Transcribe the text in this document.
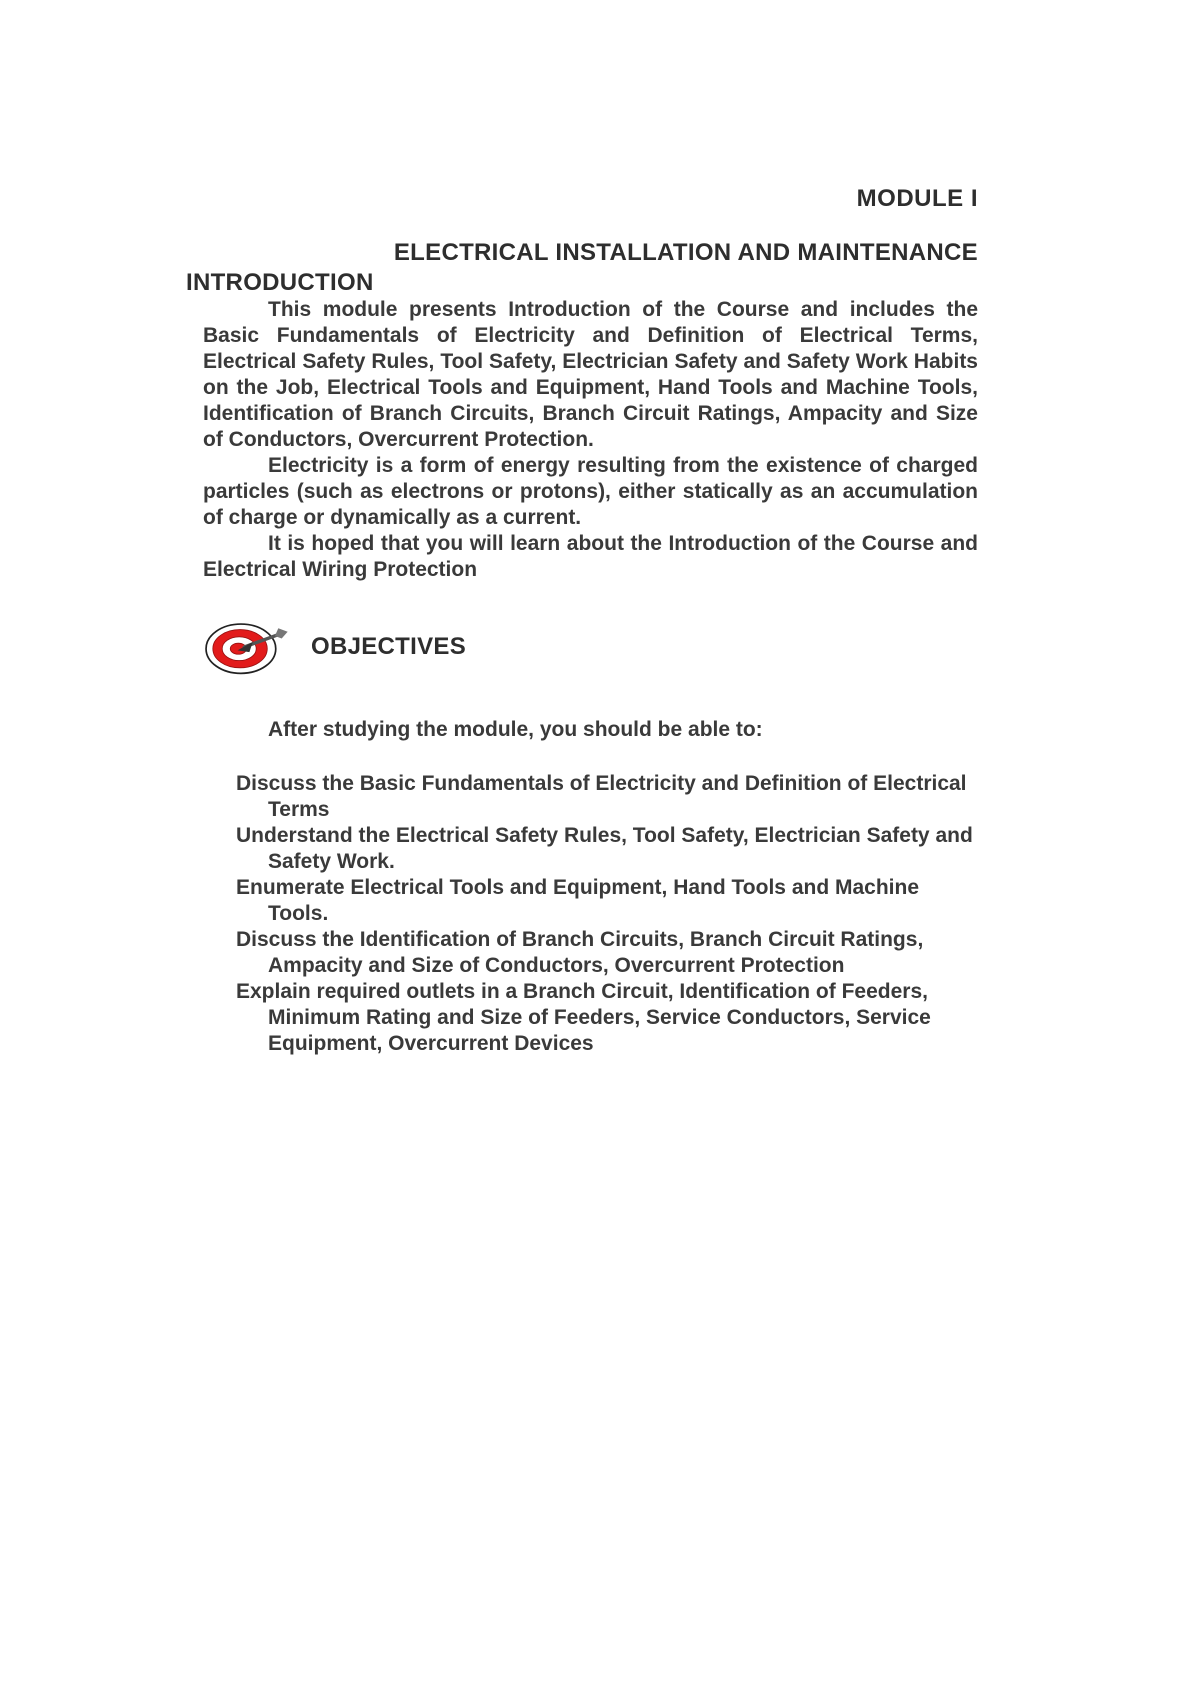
MODULE I
ELECTRICAL INSTALLATION AND MAINTENANCE
INTRODUCTION

This module presents Introduction of the Course and includes the Basic Fundamentals of Electricity and Definition of Electrical Terms, Electrical Safety Rules, Tool Safety, Electrician Safety and Safety Work Habits on the Job, Electrical Tools and Equipment, Hand Tools and Machine Tools, Identification of Branch Circuits, Branch Circuit Ratings, Ampacity and Size of Conductors, Overcurrent Protection.

Electricity is a form of energy resulting from the existence of charged particles (such as electrons or protons), either statically as an accumulation of charge or dynamically as a current.

It is hoped that you will learn about the Introduction of the Course and Electrical Wiring Protection

OBJECTIVES

After studying the module, you should be able to:

Discuss the Basic Fundamentals of Electricity and Definition of Electrical Terms
Understand the Electrical Safety Rules, Tool Safety, Electrician Safety and Safety Work.
Enumerate Electrical Tools and Equipment, Hand Tools and Machine Tools.
Discuss the Identification of Branch Circuits, Branch Circuit Ratings, Ampacity and Size of Conductors, Overcurrent Protection
Explain required outlets in a Branch Circuit, Identification of Feeders, Minimum Rating and Size of Feeders, Service Conductors, Service Equipment, Overcurrent Devices
